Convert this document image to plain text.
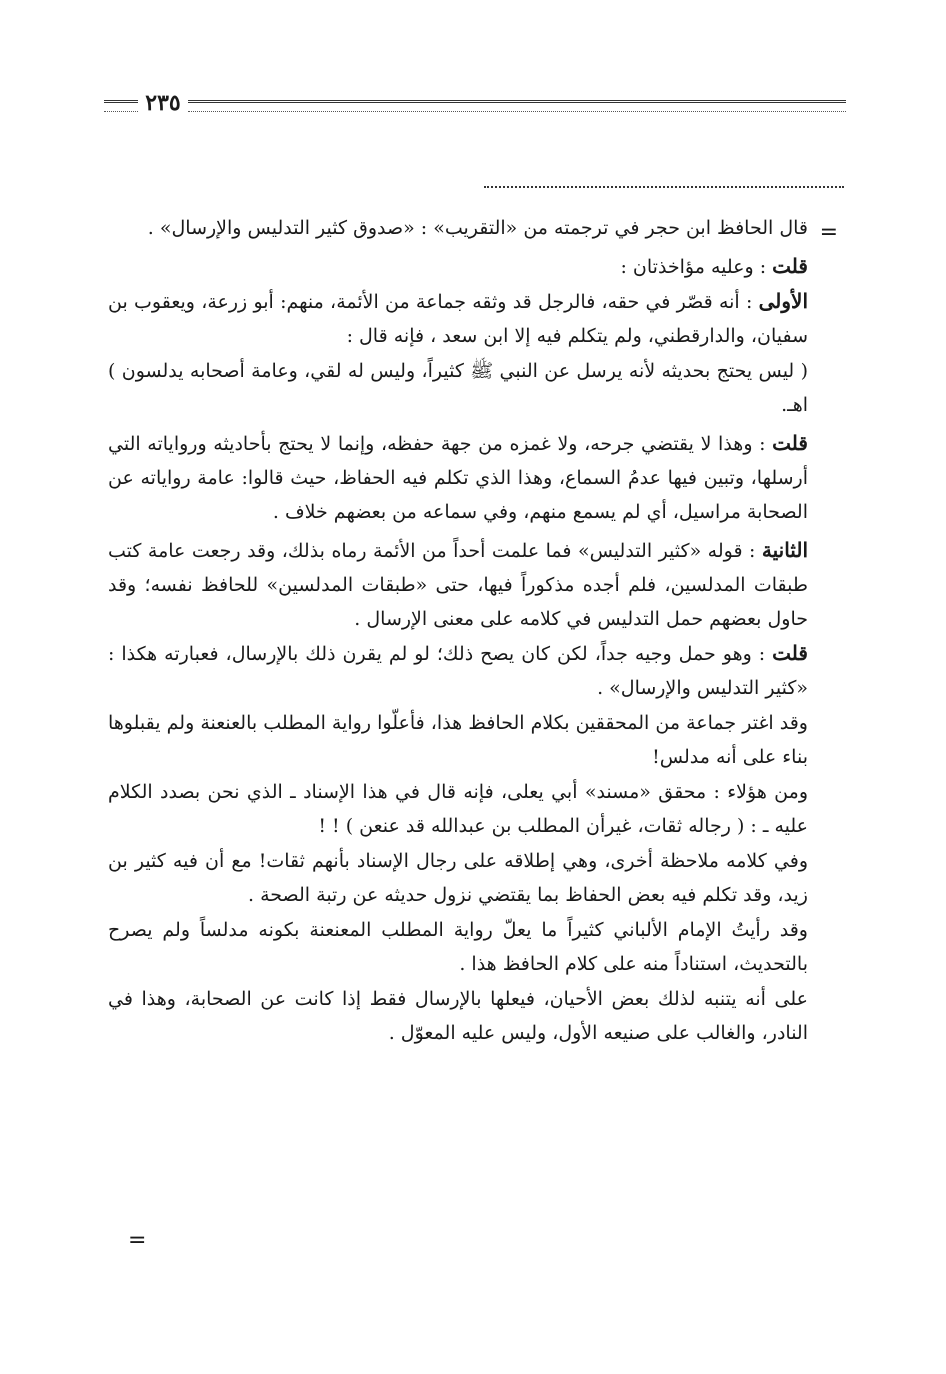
٢٣٥
=

قال الحافظ ابن حجر في ترجمته من «التقريب» : «صدوق كثير التدليس والإرسال» .

قلت : وعليه مؤاخذتان :

الأولى : أنه قصّر في حقه، فالرجل قد وثقه جماعة من الأئمة، منهم: أبو زرعة، ويعقوب بن سفيان، والدارقطني، ولم يتكلم فيه إلا ابن سعد ، فإنه قال :

( ليس يحتج بحديثه لأنه يرسل عن النبي ﷺ كثيراً، وليس له لقي، وعامة أصحابه يدلسون ) اهـ.

قلت : وهذا لا يقتضي جرحه، ولا غمزه من جهة حفظه، وإنما لا يحتج بأحاديثه ورواياته التي أرسلها، وتبين فيها عدمُ السماع، وهذا الذي تكلم فيه الحفاظ، حيث قالوا: عامة رواياته عن الصحابة مراسيل، أي لم يسمع منهم، وفي سماعه من بعضهم خلاف .

الثانية : قوله «كثير التدليس» فما علمت أحداً من الأئمة رماه بذلك، وقد رجعت عامة كتب طبقات المدلسين، فلم أجده مذكوراً فيها، حتى «طبقات المدلسين» للحافظ نفسه؛ وقد حاول بعضهم حمل التدليس في كلامه على معنى الإرسال .

قلت : وهو حمل وجيه جداً، لكن كان يصح ذلك؛ لو لم يقرن ذلك بالإرسال، فعبارته هكذا : «كثير التدليس والإرسال» .

وقد اغتر جماعة من المحققين بكلام الحافظ هذا، فأعلّوا رواية المطلب بالعنعنة ولم يقبلوها بناء على أنه مدلس!

ومن هؤلاء : محقق «مسند» أبي يعلى، فإنه قال في هذا الإسناد ـ الذي نحن بصدد الكلام عليه ـ : ( رجاله ثقات، غيرأن المطلب بن عبدالله قد عنعن ) ! !

وفي كلامه ملاحظة أخرى، وهي إطلاقه على رجال الإسناد بأنهم ثقات! مع أن فيه كثير بن زيد، وقد تكلم فيه بعض الحفاظ بما يقتضي نزول حديثه عن رتبة الصحة .

وقد رأيتُ الإمام الألباني كثيراً ما يعلّ رواية المطلب المعنعنة بكونه مدلساً ولم يصرح بالتحديث، استناداً منه على كلام الحافظ هذا .

على أنه يتنبه لذلك بعض الأحيان، فيعلها بالإرسال فقط إذا كانت عن الصحابة، وهذا في النادر، والغالب على صنيعه الأول، وليس عليه المعوّل .

=
